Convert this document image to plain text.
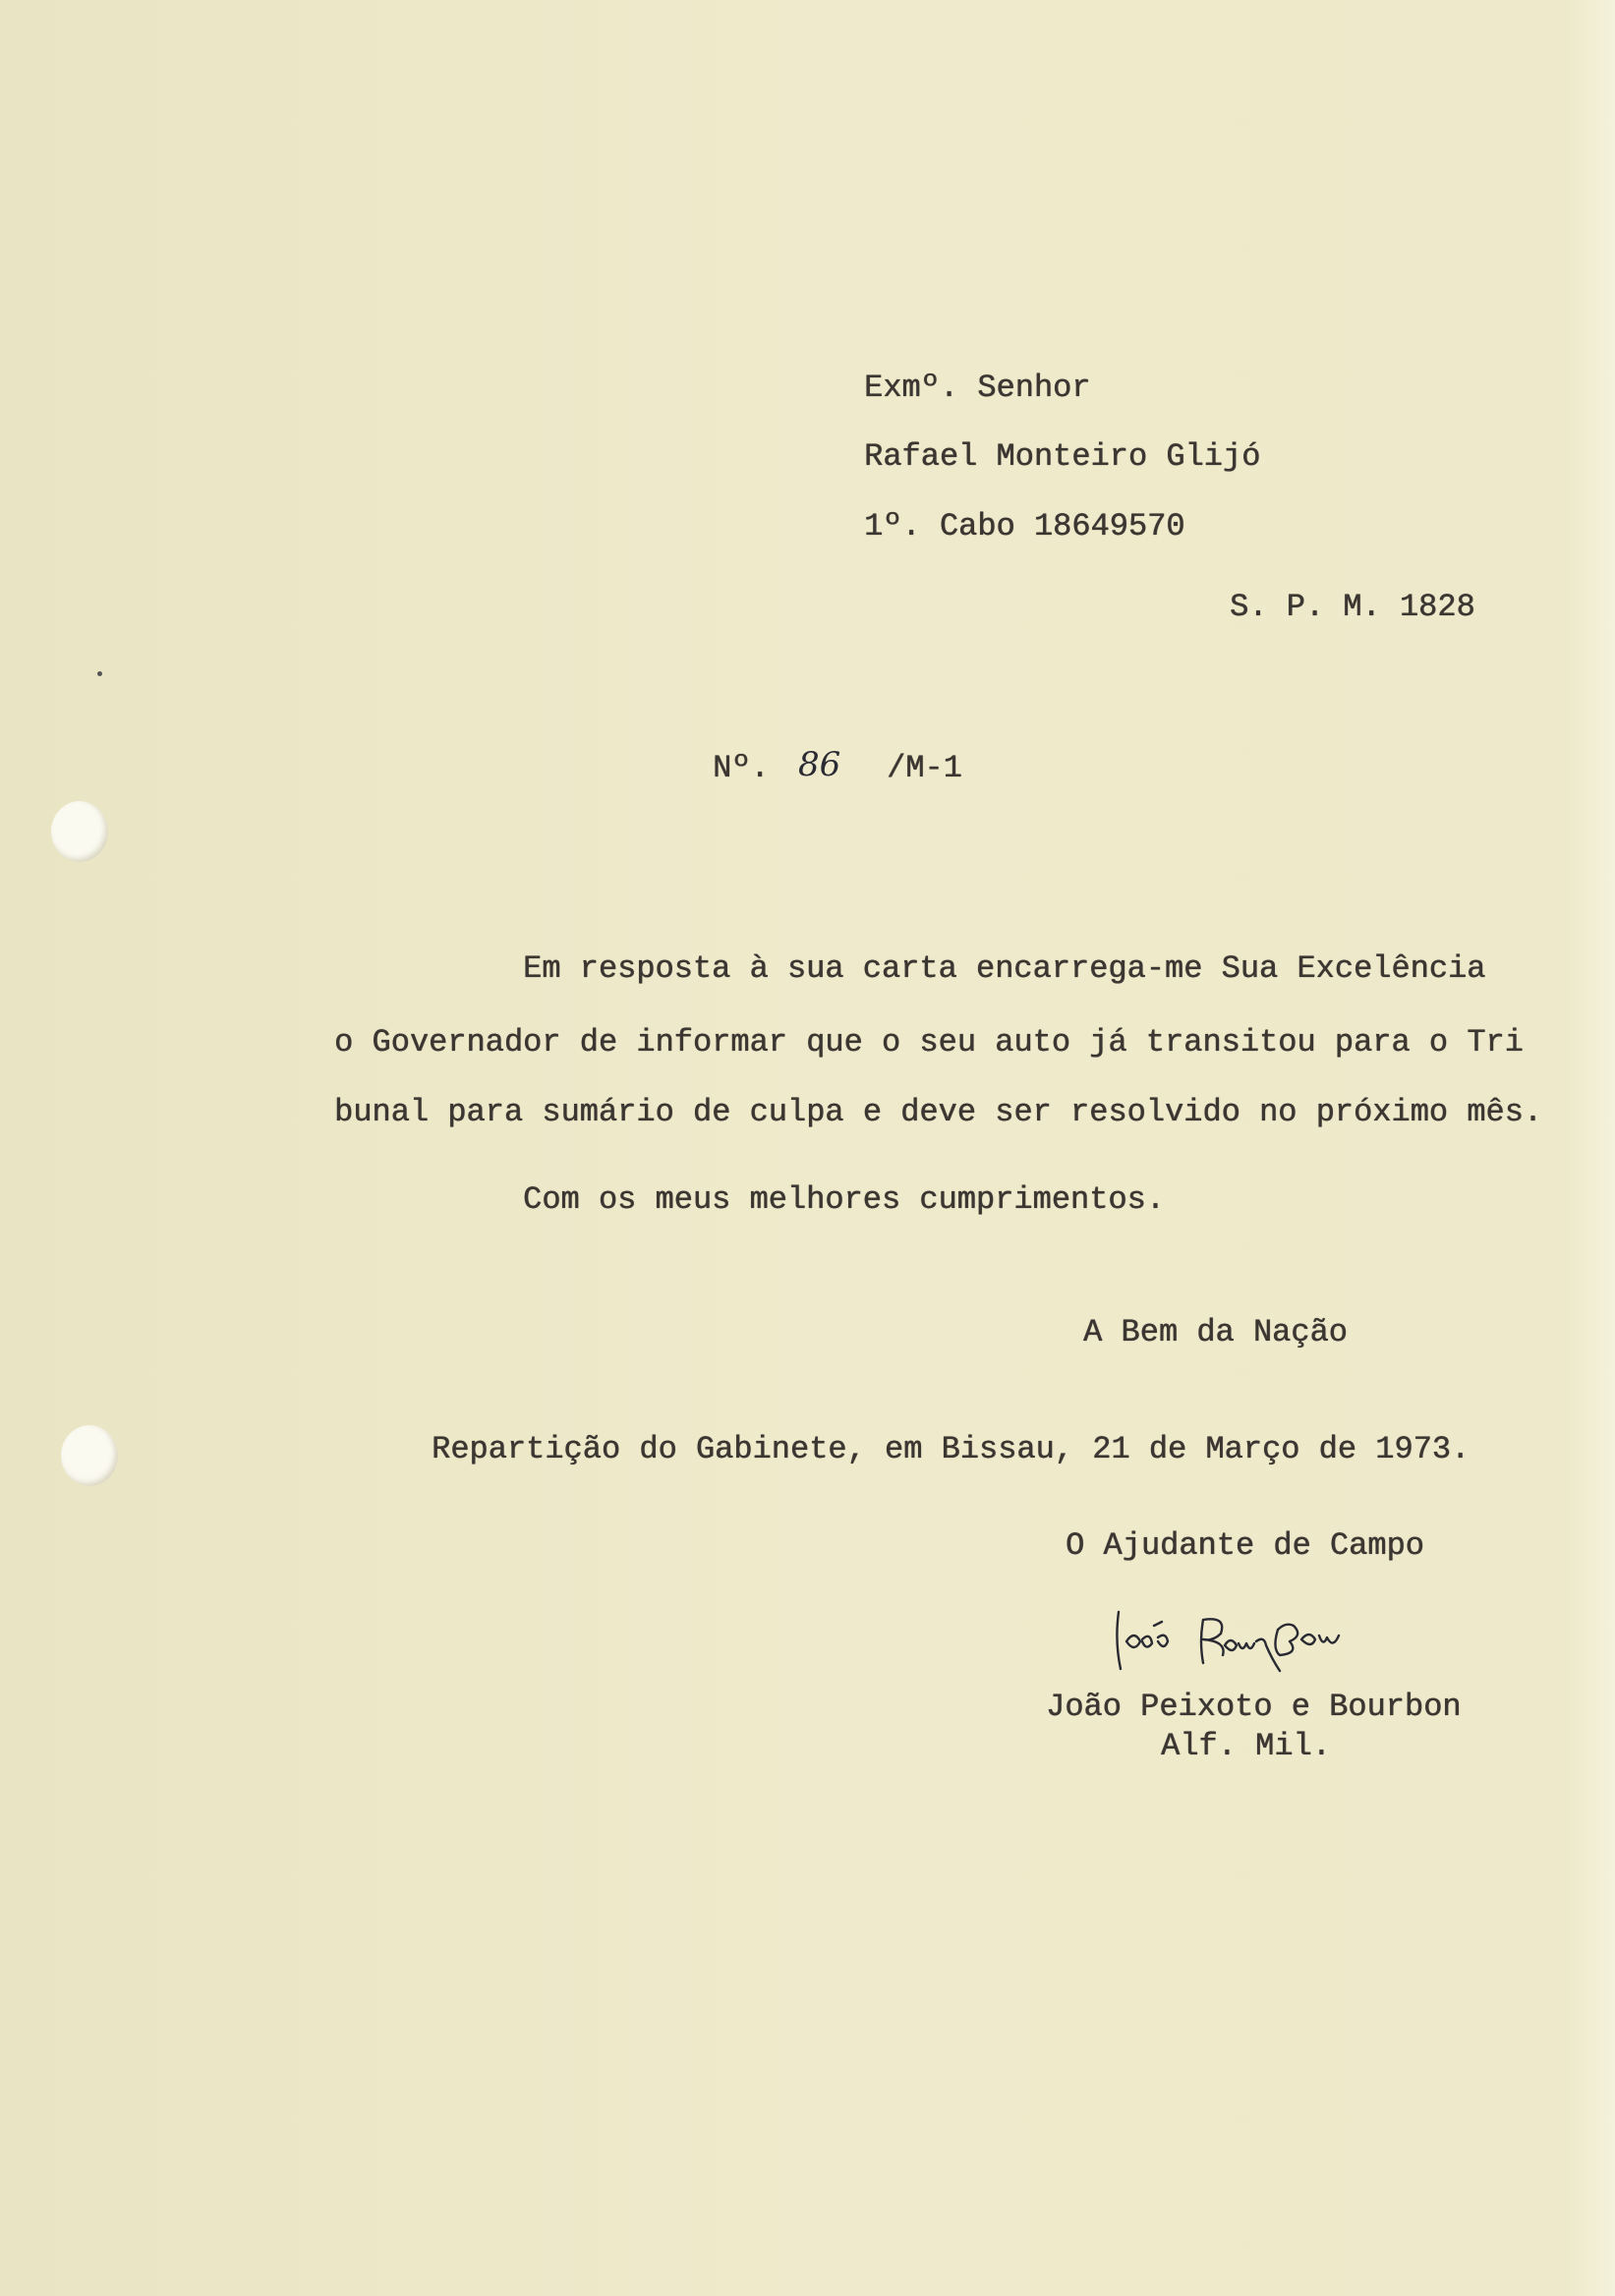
Exmº. Senhor
Rafael Monteiro Glijó
1º. Cabo 18649570
S. P. M. 1828
Nº. 86 /M-1
Em resposta à sua carta encarrega-me Sua Excelência
o Governador de informar que o seu auto já transitou para o Tri
bunal para sumário de culpa e deve ser resolvido no próximo mês.
Com os meus melhores cumprimentos.
A Bem da Nação
Repartição do Gabinete, em Bissau, 21 de Março de 1973.
O Ajudante de Campo
João Peixoto e Bourbon
Alf. Mil.
